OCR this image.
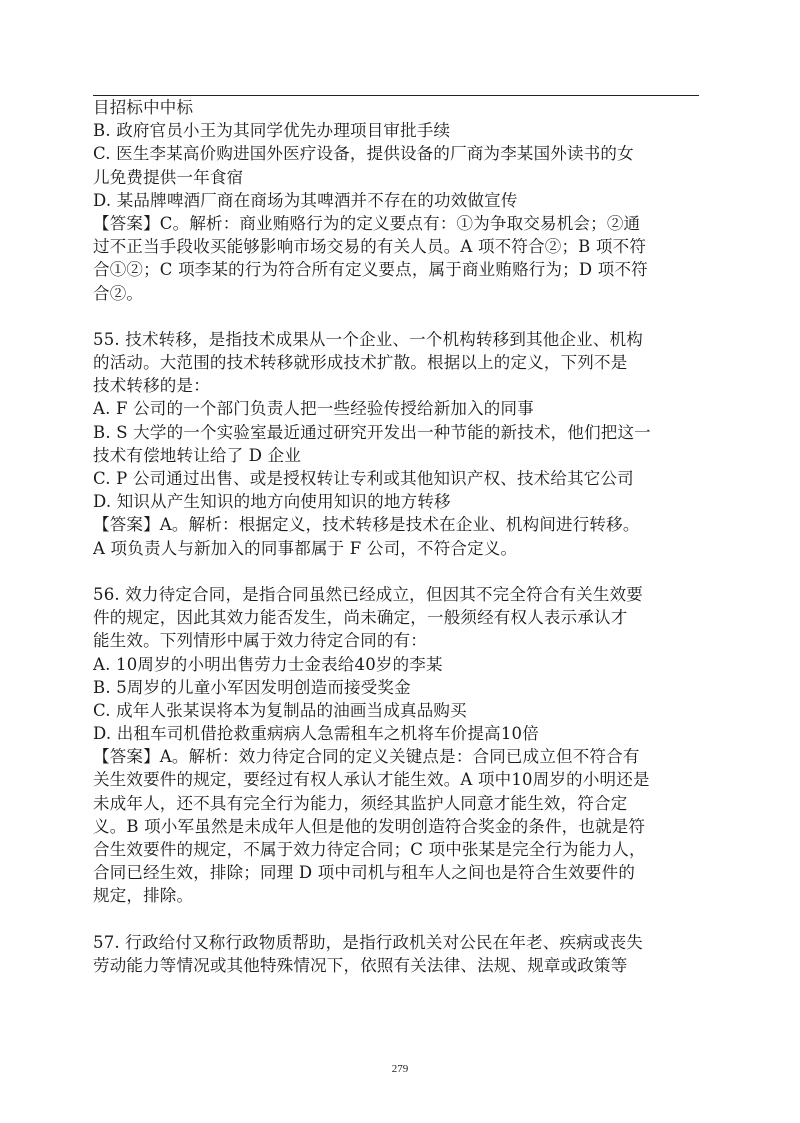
目招标中中标
B. 政府官员小王为其同学优先办理项目审批手续
C. 医生李某高价购进国外医疗设备，提供设备的厂商为李某国外读书的女
儿免费提供一年食宿
D. 某品牌啤酒厂商在商场为其啤酒并不存在的功效做宣传
【答案】C。解析：商业贿赂行为的定义要点有：①为争取交易机会；②通
过不正当手段收买能够影响市场交易的有关人员。A 项不符合②；B 项不符
合①②；C 项李某的行为符合所有定义要点，属于商业贿赂行为；D 项不符
合②。
55. 技术转移，是指技术成果从一个企业、一个机构转移到其他企业、机构
的活动。大范围的技术转移就形成技术扩散。根据以上的定义，下列不是
技术转移的是：
A. F 公司的一个部门负责人把一些经验传授给新加入的同事
B. S 大学的一个实验室最近通过研究开发出一种节能的新技术，他们把这一
技术有偿地转让给了 D 企业
C. P 公司通过出售、或是授权转让专利或其他知识产权、技术给其它公司
D. 知识从产生知识的地方向使用知识的地方转移
【答案】A。解析：根据定义，技术转移是技术在企业、机构间进行转移。
A 项负责人与新加入的同事都属于 F 公司，不符合定义。
56. 效力待定合同，是指合同虽然已经成立，但因其不完全符合有关生效要
件的规定，因此其效力能否发生，尚未确定，一般须经有权人表示承认才
能生效。下列情形中属于效力待定合同的有：
A. 10周岁的小明出售劳力士金表给40岁的李某
B. 5周岁的儿童小军因发明创造而接受奖金
C. 成年人张某误将本为复制品的油画当成真品购买
D. 出租车司机借抢救重病病人急需租车之机将车价提高10倍
【答案】A。解析：效力待定合同的定义关键点是：合同已成立但不符合有
关生效要件的规定，要经过有权人承认才能生效。A 项中10周岁的小明还是
未成年人，还不具有完全行为能力，须经其监护人同意才能生效，符合定
义。B 项小军虽然是未成年人但是他的发明创造符合奖金的条件，也就是符
合生效要件的规定，不属于效力待定合同；C 项中张某是完全行为能力人，
合同已经生效，排除；同理 D 项中司机与租车人之间也是符合生效要件的
规定，排除。
57. 行政给付又称行政物质帮助，是指行政机关对公民在年老、疾病或丧失
劳动能力等情况或其他特殊情况下，依照有关法律、法规、规章或政策等
279
